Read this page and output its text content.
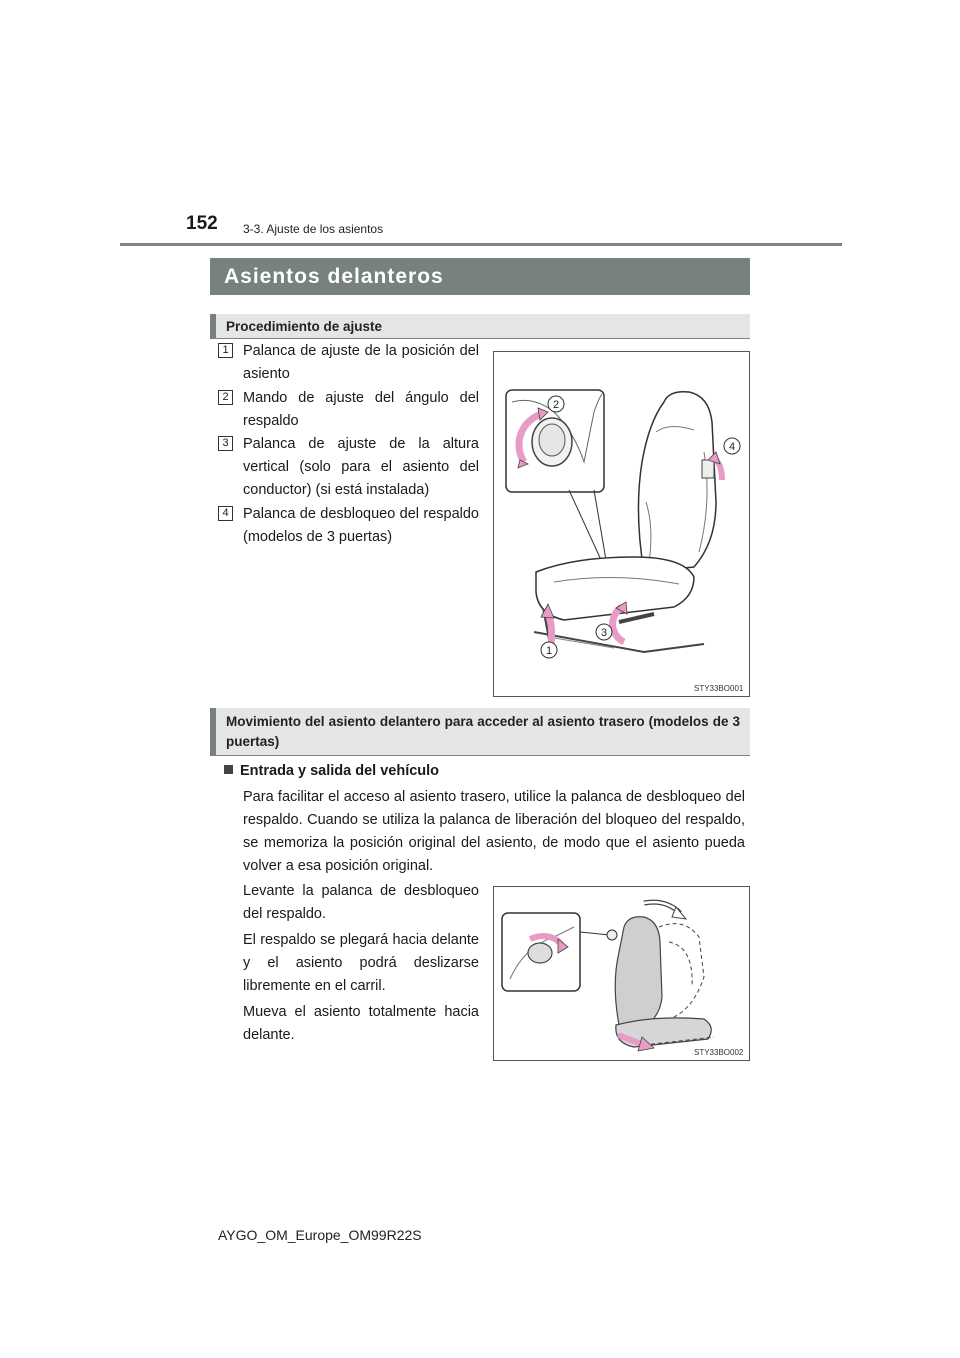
152 3-3. Ajuste de los asientos
Asientos delanteros
Procedimiento de ajuste
1 Palanca de ajuste de la posición del asiento
2 Mando de ajuste del ángulo del respaldo
3 Palanca de ajuste de la altura vertical (solo para el asiento del conductor) (si está instalada)
4 Palanca de desbloqueo del respaldo (modelos de 3 puertas)
2
4
3
1
STY33BO001
Movimiento del asiento delantero para acceder al asiento trasero (modelos de 3 puertas)
Entrada y salida del vehículo
Para facilitar el acceso al asiento trasero, utilice la palanca de desbloqueo del respaldo. Cuando se utiliza la palanca de liberación del bloqueo del respaldo, se memoriza la posición original del asiento, de modo que el asiento pueda volver a esa posición original.

Levante la palanca de desbloqueo del respaldo.

El respaldo se plegará hacia delante y el asiento podrá deslizarse libremente en el carril.

Mueva el asiento totalmente hacia delante.

STY33BO002
AYGO_OM_Europe_OM99R22S
